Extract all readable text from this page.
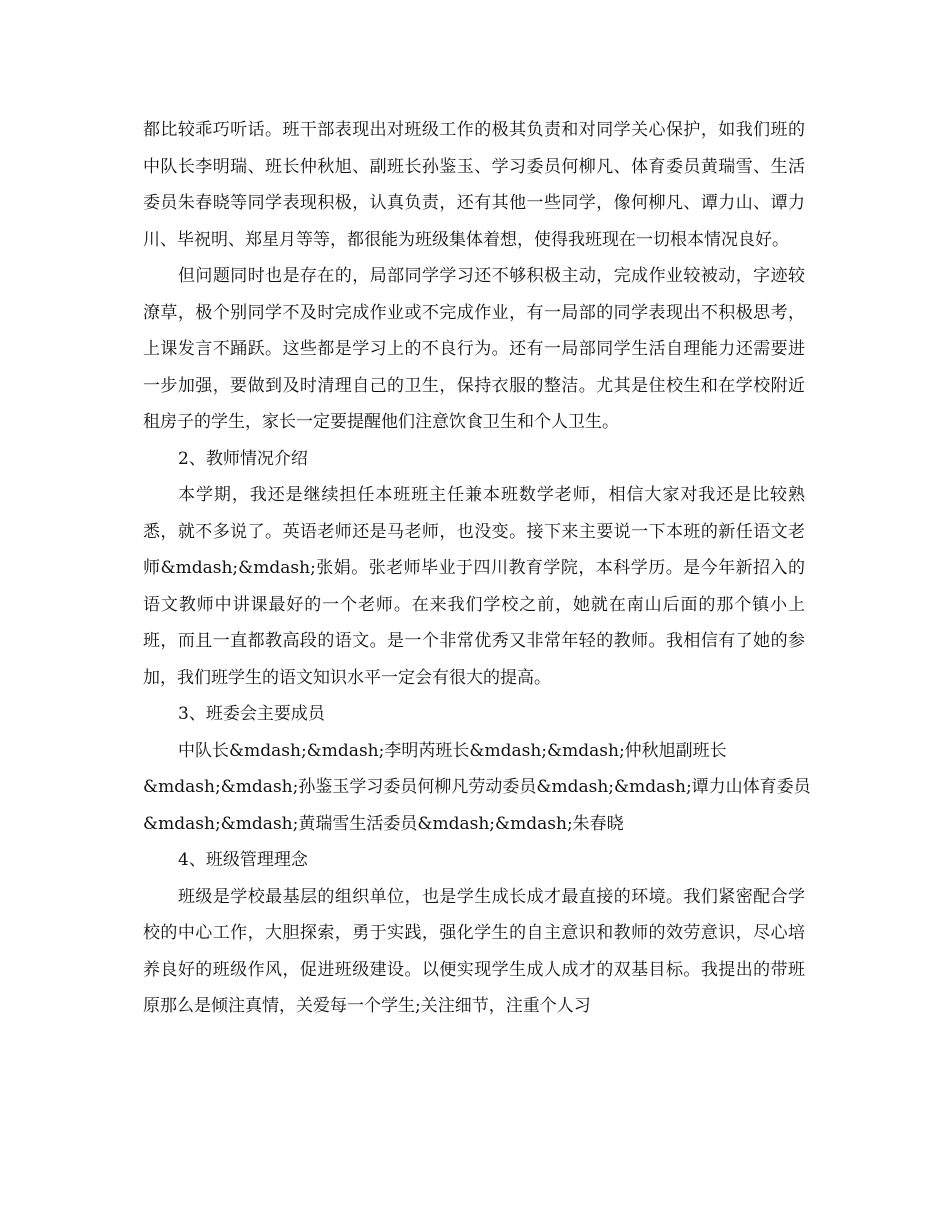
都比较乖巧听话。班干部表现出对班级工作的极其负责和对同学关心保护，如我们班的中队长李明瑞、班长仲秋旭、副班长孙鉴玉、学习委员何柳凡、体育委员黄瑞雪、生活委员朱春晓等同学表现积极，认真负责，还有其他一些同学，像何柳凡、谭力山、谭力川、毕祝明、郑星月等等，都很能为班级集体着想，使得我班现在一切根本情况良好。

但问题同时也是存在的，局部同学学习还不够积极主动，完成作业较被动，字迹较潦草，极个别同学不及时完成作业或不完成作业，有一局部的同学表现出不积极思考，上课发言不踊跃。这些都是学习上的不良行为。还有一局部同学生活自理能力还需要进一步加强，要做到及时清理自己的卫生，保持衣服的整洁。尤其是住校生和在学校附近租房子的学生，家长一定要提醒他们注意饮食卫生和个人卫生。

2、教师情况介绍

本学期，我还是继续担任本班班主任兼本班数学老师，相信大家对我还是比较熟悉，就不多说了。英语老师还是马老师，也没变。接下来主要说一下本班的新任语文老师&mdash;&mdash;张娟。张老师毕业于四川教育学院，本科学历。是今年新招入的语文教师中讲课最好的一个老师。在来我们学校之前，她就在南山后面的那个镇小上班，而且一直都教高段的语文。是一个非常优秀又非常年轻的教师。我相信有了她的参加，我们班学生的语文知识水平一定会有很大的提高。

3、班委会主要成员

中队长&mdash;&mdash;李明芮班长&mdash;&mdash;仲秋旭副班长
&mdash;&mdash;孙鉴玉学习委员何柳凡劳动委员&mdash;&mdash;谭力山体育委员
&mdash;&mdash;黄瑞雪生活委员&mdash;&mdash;朱春晓

4、班级管理理念

班级是学校最基层的组织单位，也是学生成长成才最直接的环境。我们紧密配合学校的中心工作，大胆探索，勇于实践，强化学生的自主意识和教师的效劳意识，尽心培养良好的班级作风，促进班级建设。以便实现学生成人成才的双基目标。我提出的带班原那么是倾注真情，关爱每一个学生;关注细节，注重个人习
